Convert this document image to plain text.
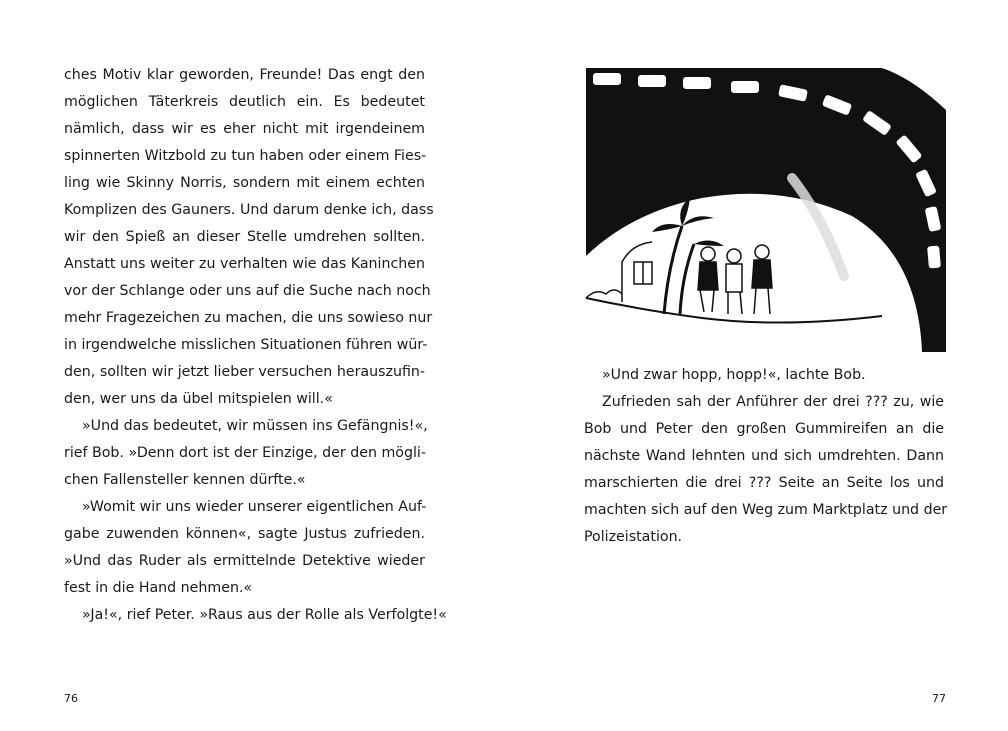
ches Motiv klar geworden, Freunde! Das engt den
möglichen Täterkreis deutlich ein. Es bedeutet
nämlich, dass wir es eher nicht mit irgendeinem
spinnerten Witzbold zu tun haben oder einem Fies-
ling wie Skinny Norris, sondern mit einem echten
Komplizen des Gauners. Und darum denke ich, dass
wir den Spieß an dieser Stelle umdrehen sollten.
Anstatt uns weiter zu verhalten wie das Kaninchen
vor der Schlange oder uns auf die Suche nach noch
mehr Fragezeichen zu machen, die uns sowieso nur
in irgendwelche misslichen Situationen führen wür-
den, sollten wir jetzt lieber versuchen herauszufin-
den, wer uns da übel mitspielen will.«
»Und das bedeutet, wir müssen ins Gefängnis!«,
rief Bob. »Denn dort ist der Einzige, der den mögli-
chen Fallensteller kennen dürfte.«
»Womit wir uns wieder unserer eigentlichen Auf-
gabe zuwenden können«, sagte Justus zufrieden.
»Und das Ruder als ermittelnde Detektive wieder
fest in die Hand nehmen.«
»Ja!«, rief Peter. »Raus aus der Rolle als Verfolgte!«
76
»Und zwar hopp, hopp!«, lachte Bob.
Zufrieden sah der Anführer der drei ??? zu, wie
Bob und Peter den großen Gummireifen an die
nächste Wand lehnten und sich umdrehten. Dann
marschierten die drei ??? Seite an Seite los und
machten sich auf den Weg zum Marktplatz und der
Polizeistation.
77
